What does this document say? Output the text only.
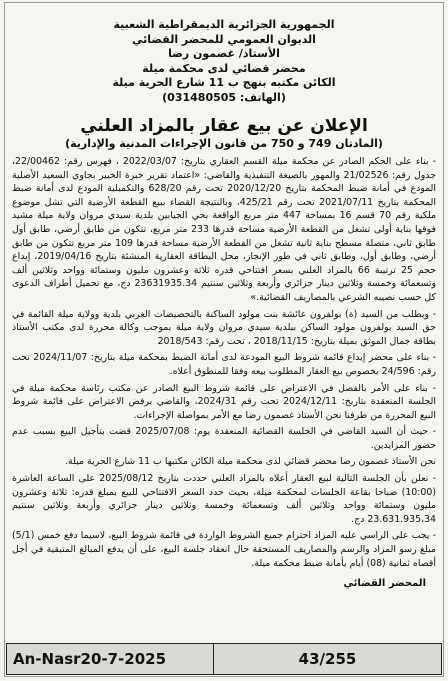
الجمهورية الجزائرية الديمقراطية الشعبية
الديوان العمومي للمحضر القضائي
الأستاذ/ غصمون رضا
محضر قضائي لدى محكمة ميلة
الكائن مكتبه بنهج ب 11 شارع الحرية ميلة
(الهاتف: 031480505)
الإعلان عن بيع عقار بالمزاد العلني
(المادتان 749 و 750 من قانون الإجراءات المدنية والإدارية)

- بناء على الحكم الصادر عن محكمة ميلة القسم العقاري بتاريخ: 2022/03/07 ، فهرس رقم: 22/00462، جدول رقم: 21/02526 والمهور بالصيغة التنفيذية والقاضي: «اعتماد تقرير خبرة الخبير بجاوي السعيد الأصلية المودع في أمانة ضبط المحكمة بتاريخ 2020/12/20 تحت رقم 628/20 والتكميلية المودع لدى أمانة ضبط المحكمة بتاريخ 2021/07/11 تحت رقم 425/21، وبالنتيجة القضاء ببيع القطعة الأرضية التي تشل موضوع ملكية رقم 70 قسم 16 بمساحة 447 متر مربع الواقعة بحي الجيابين بلدية سيدي مروان ولاية ميلة مشيد فوقها بناية أولى تشغل من القطعة الأرضية مساحة قدرها 233 متر مربع، تتكون من طابق أرضي، طابق أول طابق ثاني، متصلة مسطح بناية ثانية تشغل من القطعة الأرضية مساحة قدرها 109 متر مربع تتكون من طابق أرضي، وطابق أول، وطابق ثاني في طور الإنجاز، محل البطاقة العقارية المنشئة بتاريخ 2019/04/16، إيداع حجم 25 ترتيبة 66 بالمزاد العلني بسعر افتتاحي قدره ثلاثة وعشرون مليون وستمائة وواحد وثلاثين ألف وتسعمائة وخمسة وثلاثين دينار جزائري وأربعة وثلاثين سنتيم 23631935.34 دج، مع تحميل أطراف الدعوى كل حسب نصيبه الشرعي بالمصاريف القضائية.»

- وبطلب من السيد (ة) بولفرون عائشة بنت مولود الساكنة بالتحصيصات الغربي بلدية وولاية ميلة القائمة في حق السيد بولفرون مولود الساكن ببلدية سيدي مروان ولاية ميلة بموجب وكالة محررة لدى مكتب الأستاذ بطاقة جمال الموثق بميلة بتاريخ: 2018/11/15 ، تحت رقم: 2018/543

- بناء على محضر إيداع قائمة شروط البيع المودعة لدى أمانة الضبط بمحكمة ميلة بتاريخ: 2024/11/07 تحت رقم: 24/596 بخصوص بيع العقار المطلوب بيعه وفقا للمنطوق أعلاه.

- بناء على الأمر بالفصل في الاعتراض على قائمة شروط البيع الصادر عن مكتب رئاسة محكمة ميلة في الجلسة المنعقدة بتاريخ: 2024/12/11 تحت رقم 2024/31، والقاضي برفض الاعتراض على قائمة شروط البيع المحررة من طرفنا نحن الأستاذ غصمون رضا مع الأمر بمواصلة الإجراءات.

- حيث أن السيد القاضي في الجلسة القضائية المنعقدة يوم: 2025/07/08 قضت بتأجيل البيع بسبب عدم حضور المزايدين.

نحن الأستاذ غصمون رضا محضر قضائي لدى محكمة ميلة الكائن مكتبها ب 11 شارع الحرية ميلة.

- نعلن بأن الجلسة التالية لبيع العقار أعلاه بالمزاد العلني حددت بتاريخ 2025/08/12 على الساعة العاشرة (10:00) صباحا بقاعة الجلسات لمحكمة ميلة، بحيث حدد السعر الافتتاحي للبيع بمبلغ قدره: ثلاثة وعشرون مليون وستمائة وواحد وثلاثين ألف وتسعمائة وخمسة وثلاثين دينار جزائري وأربعة وثلاثين سنتيم 23.631.935،34 دج.

- يجب على الراسي عليه المزاد احترام جميع الشروط الواردة في قائمة شروط البيع، لاسيما دفع خمس (5/1) مبلغ رسو المزاد والرسم والمصاريف المستحقة حال انعقاد جلسة البيع، على أن يدفع المبالغ المتبقية في أجل أقصاه ثمانية (08) أيام بأمانة ضبط محكمة ميلة.

المحضر القضائي
An-Nasr20-7-2025	43/255
